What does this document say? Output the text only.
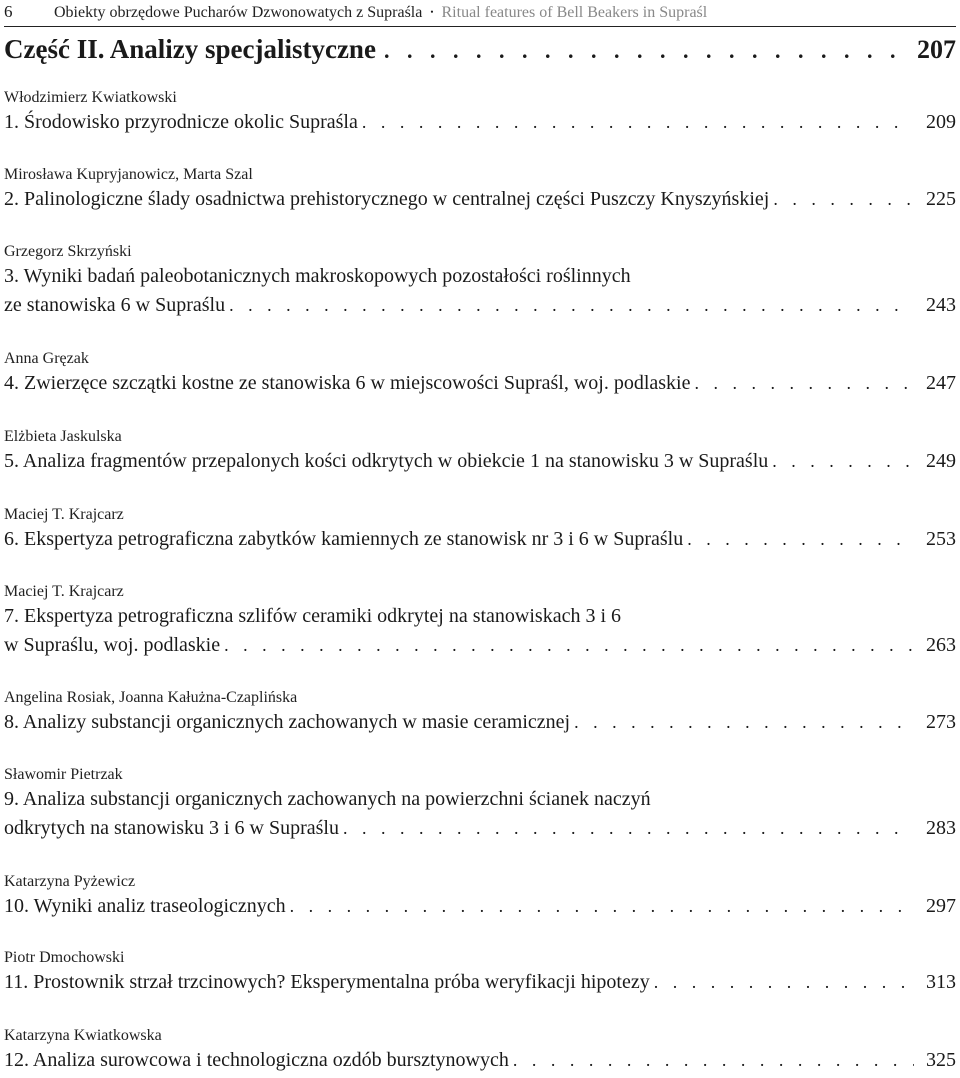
6	Obiekty obrzędowe Pucharów Dzwonowatych z Supraśla • Ritual features of Bell Beakers in Supraśl
Część II. Analizy specjalistyczne . . .	207
Włodzimierz Kwiatkowski
1. Środowisko przyrodnicze okolic Supraśla . . .	209
Mirosława Kupryjanowicz, Marta Szal
2. Palinologiczne ślady osadnictwa prehistorycznego w centralnej części Puszczy Knyszyńskiej . . .	225
Grzegorz Skrzyński
3. Wyniki badań paleobotanicznych makroskopowych pozostałości roślinnych
ze stanowiska 6 w Supraślu . . .	243
Anna Gręzak
4. Zwierzęce szczątki kostne ze stanowiska 6 w miejscowości Supraśl, woj. podlaskie . . .	247
Elżbieta Jaskulska
5. Analiza fragmentów przepalonych kości odkrytych w obiekcie 1 na stanowisku 3 w Supraślu . . .	249
Maciej T. Krajcarz
6. Ekspertyza petrograficzna zabytków kamiennych ze stanowisk nr 3 i 6 w Supraślu . . .	253
Maciej T. Krajcarz
7. Ekspertyza petrograficzna szlifów ceramiki odkrytej na stanowiskach 3 i 6
w Supraślu, woj. podlaskie . . .	263
Angelina Rosiak, Joanna Kałużna-Czaplińska
8. Analizy substancji organicznych zachowanych w masie ceramicznej . . .	273
Sławomir Pietrzak
9. Analiza substancji organicznych zachowanych na powierzchni ścianek naczyń
odkrytych na stanowisku 3 i 6 w Supraślu . . .	283
Katarzyna Pyżewicz
10. Wyniki analiz traseologicznych . . .	297
Piotr Dmochowski
11. Prostownik strzał trzcinowych? Eksperymentalna próba weryfikacji hipotezy . . .	313
Katarzyna Kwiatkowska
12. Analiza surowcowa i technologiczna ozdób bursztynowych . . .	325
